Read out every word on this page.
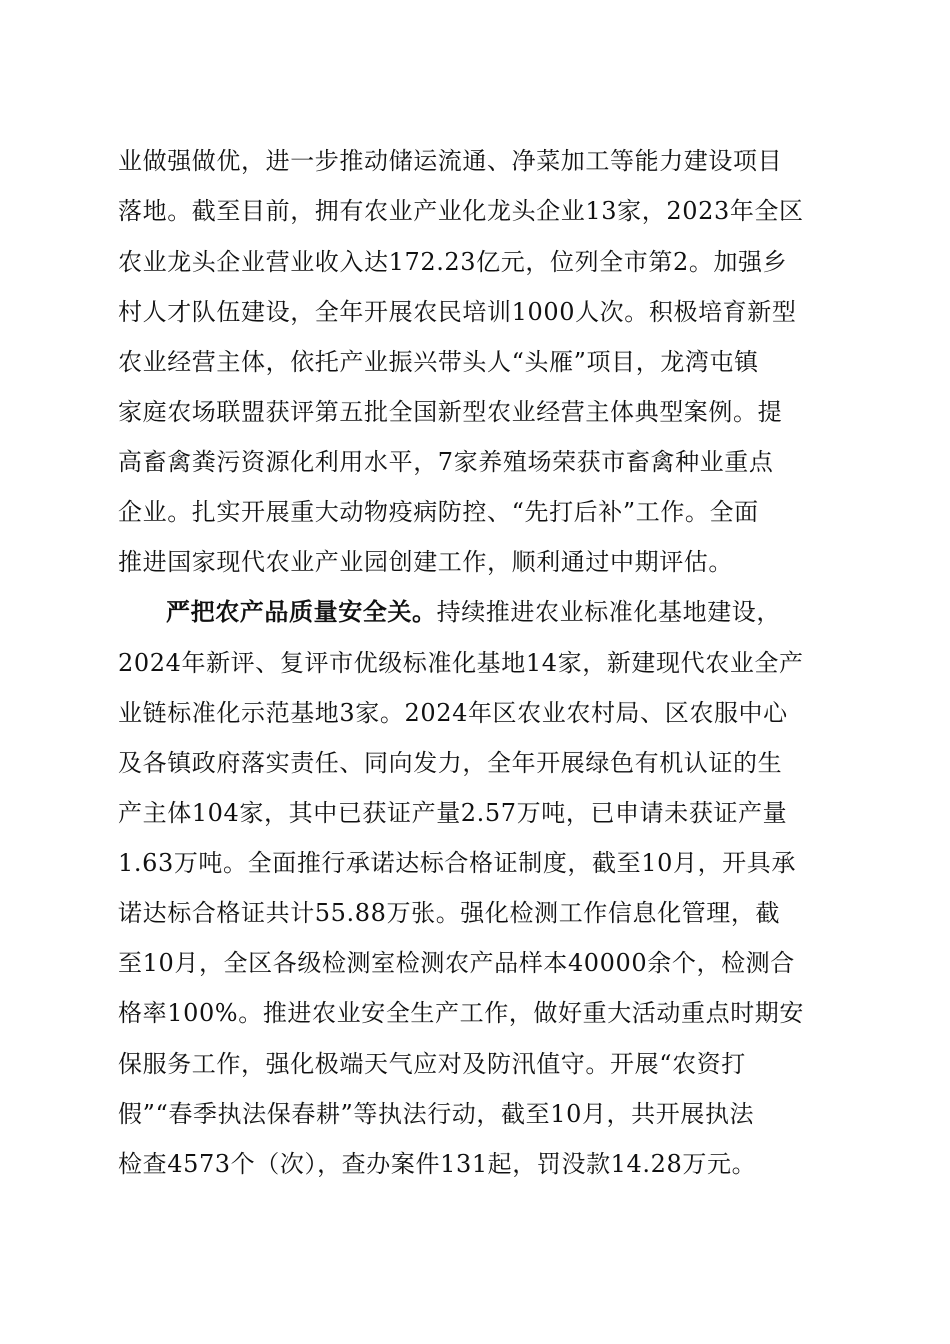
业做强做优，进一步推动储运流通、净菜加工等能力建设项目
落地。截至目前，拥有农业产业化龙头企业13家，2023年全区
农业龙头企业营业收入达172.23亿元，位列全市第2。加强乡
村人才队伍建设，全年开展农民培训1000人次。积极培育新型
农业经营主体，依托产业振兴带头人“头雁”项目，龙湾屯镇
家庭农场联盟获评第五批全国新型农业经营主体典型案例。提
高畜禽粪污资源化利用水平，7家养殖场荣获市畜禽种业重点
企业。扎实开展重大动物疫病防控、“先打后补”工作。全面
推进国家现代农业产业园创建工作，顺利通过中期评估。
严把农产品质量安全关。持续推进农业标准化基地建设，
2024年新评、复评市优级标准化基地14家，新建现代农业全产
业链标准化示范基地3家。2024年区农业农村局、区农服中心
及各镇政府落实责任、同向发力，全年开展绿色有机认证的生
产主体104家，其中已获证产量2.57万吨，已申请未获证产量
1.63万吨。全面推行承诺达标合格证制度，截至10月，开具承
诺达标合格证共计55.88万张。强化检测工作信息化管理，截
至10月，全区各级检测室检测农产品样本40000余个，检测合
格率100%。推进农业安全生产工作，做好重大活动重点时期安
保服务工作，强化极端天气应对及防汛值守。开展“农资打
假”“春季执法保春耕”等执法行动，截至10月，共开展执法
检查4573个（次），查办案件131起，罚没款14.28万元。
